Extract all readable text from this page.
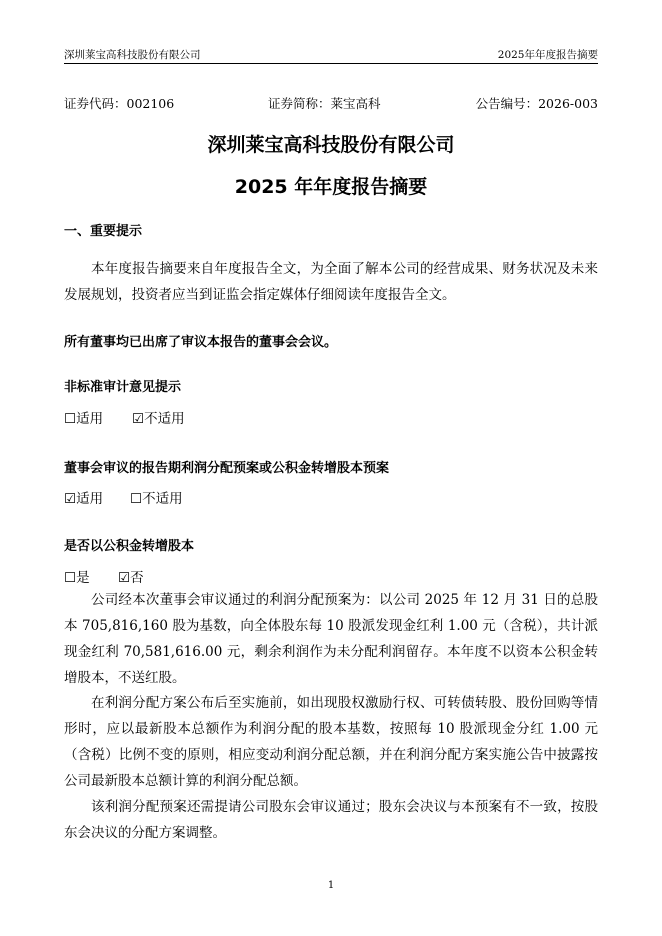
深圳莱宝高科技股份有限公司	2025年年度报告摘要
证券代码：002106	证券简称：莱宝高科	公告编号：2026-003
深圳莱宝高科技股份有限公司
2025 年年度报告摘要
一、重要提示

本年度报告摘要来自年度报告全文，为全面了解本公司的经营成果、财务状况及未来发展规划，投资者应当到证监会指定媒体仔细阅读年度报告全文。

所有董事均已出席了审议本报告的董事会会议。
非标准审计意见提示
☐适用 ☑不适用
董事会审议的报告期利润分配预案或公积金转增股本预案
☑适用 ☐不适用
是否以公积金转增股本
☐是 ☑否

公司经本次董事会审议通过的利润分配预案为：以公司 2025 年 12 月 31 日的总股本 705,816,160 股为基数，向全体股东每 10 股派发现金红利 1.00 元（含税），共计派现金红利 70,581,616.00 元，剩余利润作为未分配利润留存。本年度不以资本公积金转增股本，不送红股。

在利润分配方案公布后至实施前，如出现股权激励行权、可转债转股、股份回购等情形时，应以最新股本总额作为利润分配的股本基数，按照每 10 股派现金分红 1.00 元（含税）比例不变的原则，相应变动利润分配总额，并在利润分配方案实施公告中披露按公司最新股本总额计算的利润分配总额。

该利润分配预案还需提请公司股东会审议通过；股东会决议与本预案有不一致，按股东会决议的分配方案调整。

1
